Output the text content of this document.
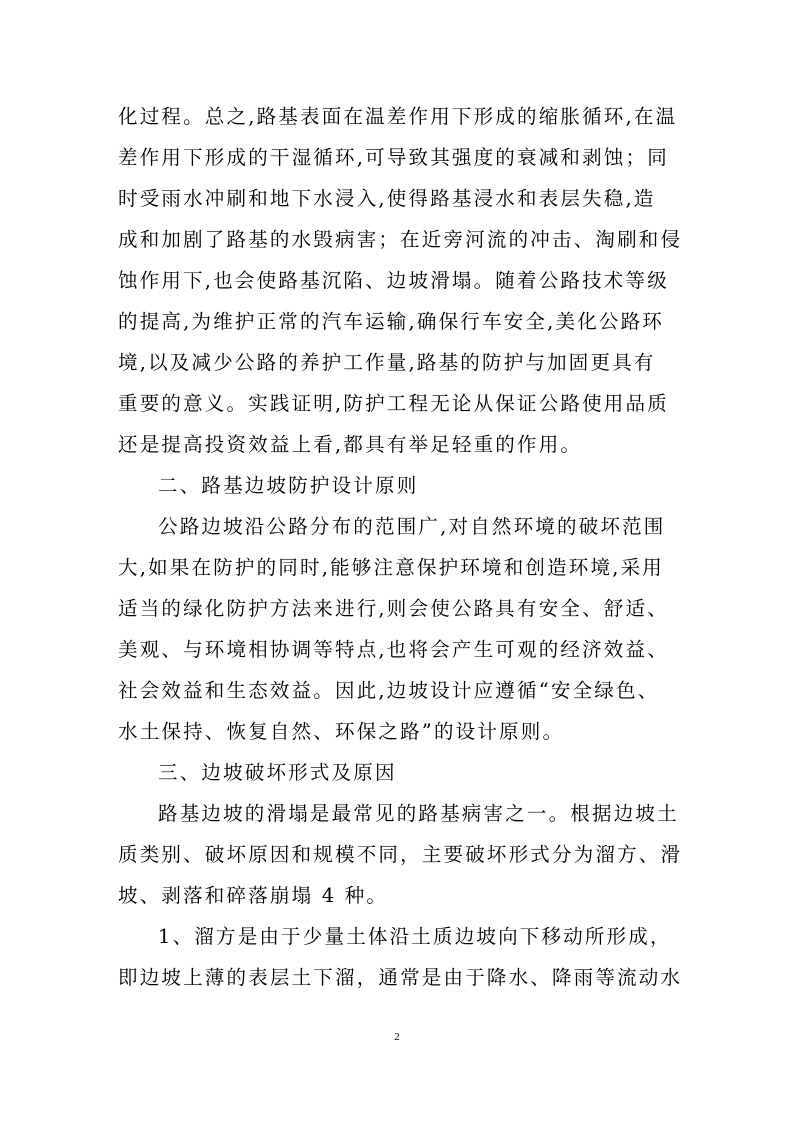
化过程。总之,路基表面在温差作用下形成的缩胀循环,在温
差作用下形成的干湿循环,可导致其强度的衰减和剥蚀；同
时受雨水冲刷和地下水浸入,使得路基浸水和表层失稳,造
成和加剧了路基的水毁病害；在近旁河流的冲击、淘刷和侵
蚀作用下,也会使路基沉陷、边坡滑塌。随着公路技术等级
的提高,为维护正常的汽车运输,确保行车安全,美化公路环
境,以及减少公路的养护工作量,路基的防护与加固更具有
重要的意义。实践证明,防护工程无论从保证公路使用品质
还是提高投资效益上看,都具有举足轻重的作用。
二、路基边坡防护设计原则
公路边坡沿公路分布的范围广,对自然环境的破坏范围
大,如果在防护的同时,能够注意保护环境和创造环境,采用
适当的绿化防护方法来进行,则会使公路具有安全、舒适、
美观、与环境相协调等特点,也将会产生可观的经济效益、
社会效益和生态效益。因此,边坡设计应遵循“安全绿色、
水土保持、恢复自然、环保之路”的设计原则。
三、边坡破坏形式及原因
路基边坡的滑塌是最常见的路基病害之一。根据边坡土
质类别、破坏原因和规模不同，主要破坏形式分为溜方、滑
坡、剥落和碎落崩塌 4 种。
1、溜方是由于少量土体沿土质边坡向下移动所形成，
即边坡上薄的表层土下溜，通常是由于降水、降雨等流动水
2
